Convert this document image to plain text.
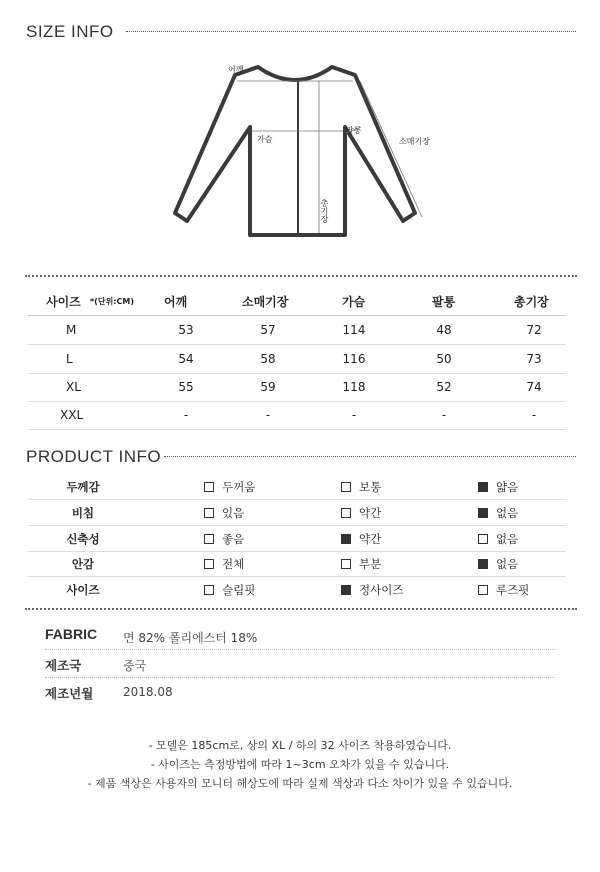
SIZE INFO
어깨
가슴
팔통
소매기장
총기장
사이즈 *(단위:CM)	어깨	소매기장	가슴	팔통	총기장
M	53	57	114	48	72
L	54	58	116	50	73
XL	55	59	118	52	74
XXL	-	-	-	-	-
PRODUCT INFO
두께감	두꺼움	보통	얇음
비침	있음	약간	없음
신축성	좋음	약간	없음
안감	전체	부분	없음
사이즈	슬림핏	정사이즈	루즈핏
FABRIC 면 82% 폴리에스터 18%
제조국	중국
제조년월 2018.08
- 모델은 185cm로, 상의 XL / 하의 32 사이즈 착용하였습니다.
- 사이즈는 측정방법에 따라 1~3cm 오차가 있을 수 있습니다.
- 제품 색상은 사용자의 모니터 해상도에 따라 실제 색상과 다소 차이가 있을 수 있습니다.
